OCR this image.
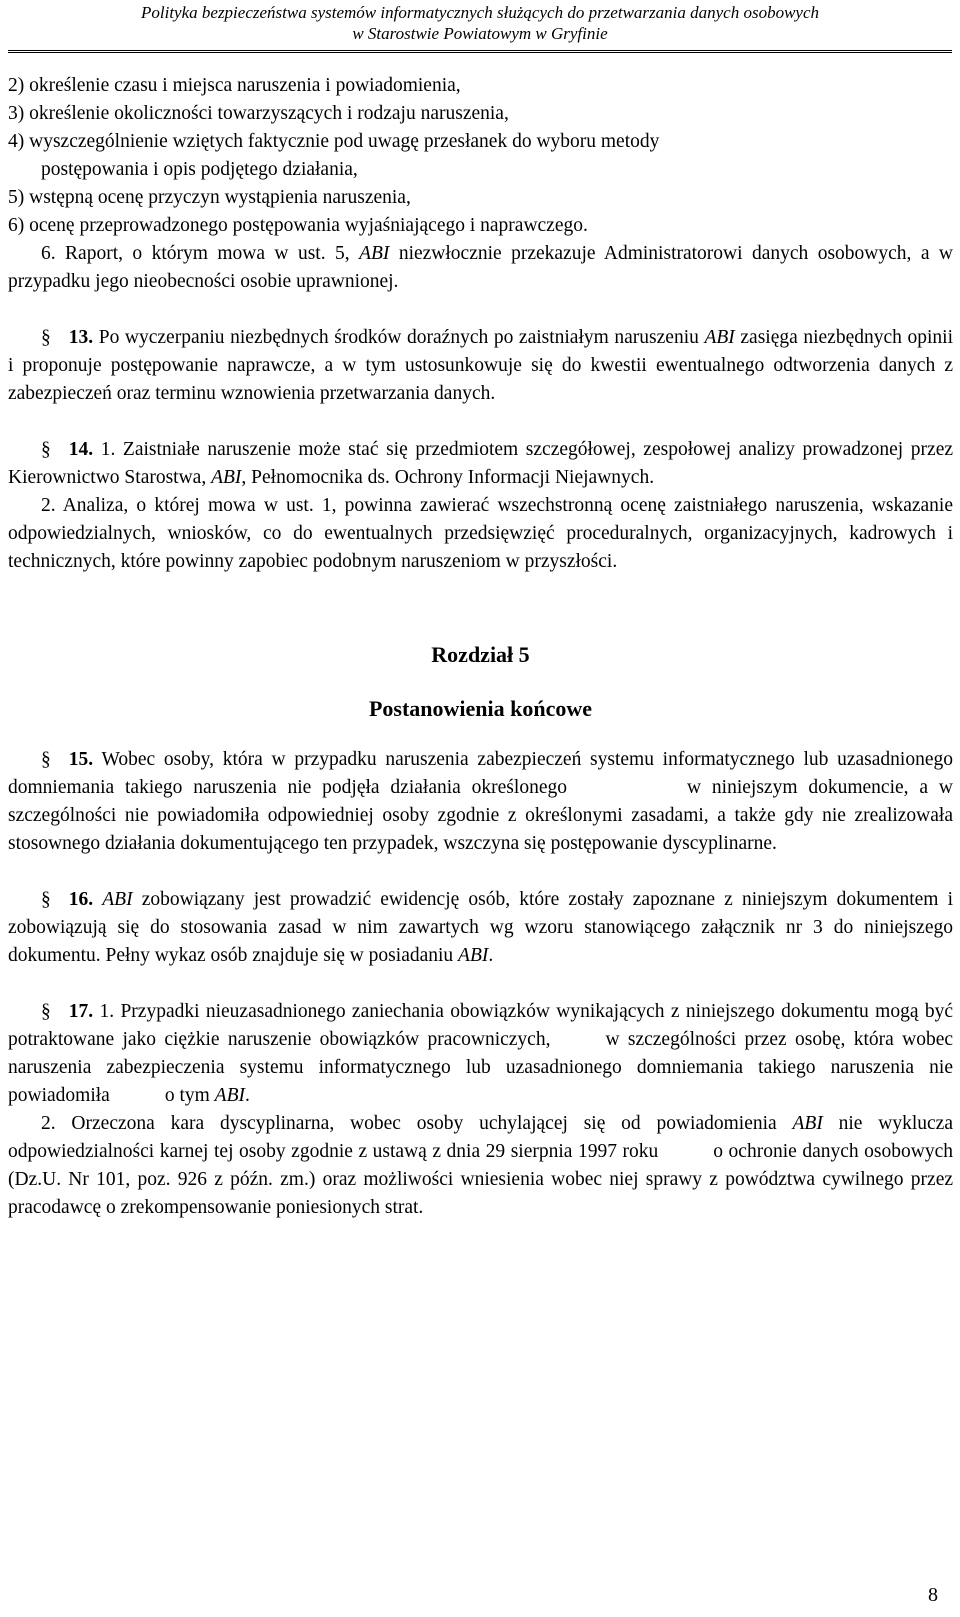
Polityka bezpieczeństwa systemów informatycznych służących do przetwarzania danych osobowych
w Starostwie Powiatowym w Gryfinie

2) określenie czasu i miejsca naruszenia i powiadomienia,

3) określenie okoliczności towarzyszących i rodzaju naruszenia,

4) wyszczególnienie wziętych faktycznie pod uwagę przesłanek do wyboru metody

postępowania i opis podjętego działania,

5) wstępną ocenę przyczyn wystąpienia naruszenia,

6) ocenę przeprowadzonego postępowania wyjaśniającego i naprawczego.

6. Raport, o którym mowa w ust. 5, ABI niezwłocznie przekazuje Administratorowi danych osobowych, a w przypadku jego nieobecności osobie uprawnionej.

§ 13. Po wyczerpaniu niezbędnych środków doraźnych po zaistniałym naruszeniu ABI zasięga niezbędnych opinii i proponuje postępowanie naprawcze, a w tym ustosunkowuje się do kwestii ewentualnego odtworzenia danych z zabezpieczeń oraz terminu wznowienia przetwarzania danych.

§ 14. 1. Zaistniałe naruszenie może stać się przedmiotem szczegółowej, zespołowej analizy prowadzonej przez Kierownictwo Starostwa, ABI, Pełnomocnika ds. Ochrony Informacji Niejawnych.

2. Analiza, o której mowa w ust. 1, powinna zawierać wszechstronną ocenę zaistniałego naruszenia, wskazanie odpowiedzialnych, wniosków, co do ewentualnych przedsięwzięć proceduralnych, organizacyjnych, kadrowych i technicznych, które powinny zapobiec podobnym naruszeniom w przyszłości.

Rozdział 5

Postanowienia końcowe

§ 15. Wobec osoby, która w przypadku naruszenia zabezpieczeń systemu informatycznego lub uzasadnionego domniemania takiego naruszenia nie podjęła działania określonego	w niniejszym dokumencie, a w szczególności nie powiadomiła odpowiedniej osoby zgodnie z określonymi zasadami, a także gdy nie zrealizowała stosownego działania dokumentującego ten przypadek, wszczyna się postępowanie dyscyplinarne.

§ 16. ABI zobowiązany jest prowadzić ewidencję osób, które zostały zapoznane z niniejszym dokumentem i zobowiązują się do stosowania zasad w nim zawartych wg wzoru stanowiącego załącznik nr 3 do niniejszego dokumentu. Pełny wykaz osób znajduje się w posiadaniu ABI.

§ 17. 1. Przypadki nieuzasadnionego zaniechania obowiązków wynikających z niniejszego dokumentu mogą być potraktowane jako ciężkie naruszenie obowiązków pracowniczych,	w szczególności przez osobę, która wobec naruszenia zabezpieczenia systemu informatycznego lub uzasadnionego domniemania takiego naruszenia nie powiadomiła	o tym ABI.

2. Orzeczona kara dyscyplinarna, wobec osoby uchylającej się od powiadomienia ABI nie wyklucza odpowiedzialności karnej tej osoby zgodnie z ustawą z dnia 29 sierpnia 1997 roku	o ochronie danych osobowych (Dz.U. Nr 101, poz. 926 z późn. zm.) oraz możliwości wniesienia wobec niej sprawy z powództwa cywilnego przez pracodawcę o zrekompensowanie poniesionych strat.

8
